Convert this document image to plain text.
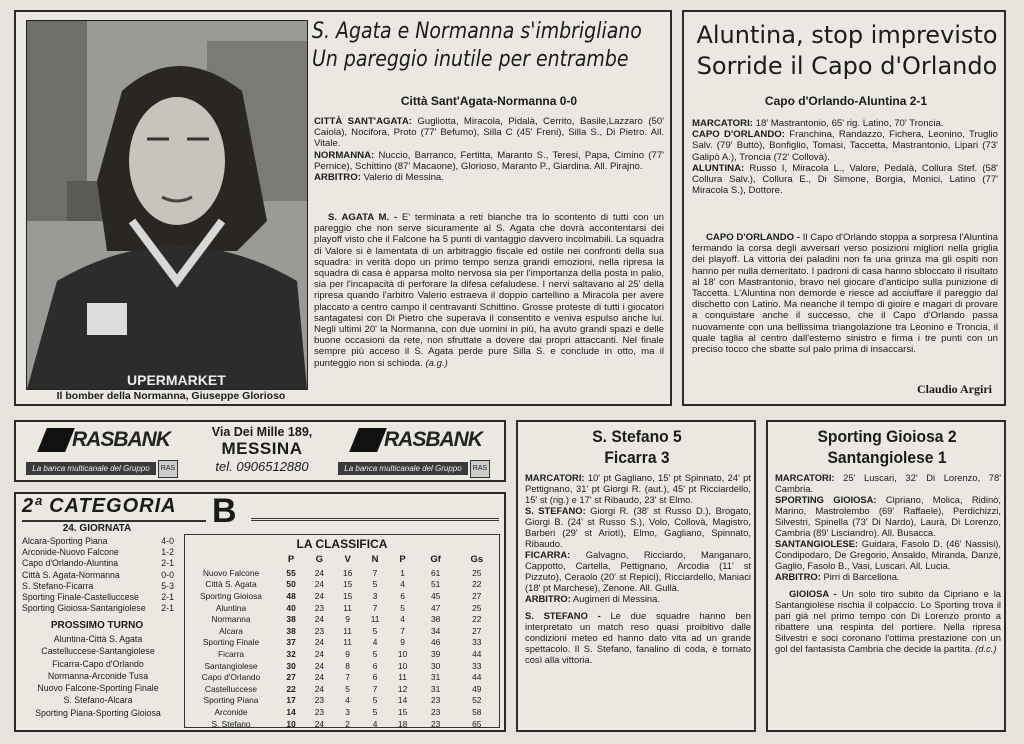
UPERMARKET
Il bomber della Normanna, Giuseppe Glorioso
S. Agata e Normanna s'imbrigliano
Un pareggio inutile per entrambe
Città Sant'Agata-Normanna 0-0

CITTÀ SANT'AGATA: Gugliotta, Miracola, Pidalà, Cerrito, Basile,Lazzaro (50' Caiola), Nocifora, Proto (77' Befumo), Silla C (45' Freni), Silla S., Di Pietro. All. Vitale.

NORMANNA: Nuccio, Barranco, Fertitta, Maranto S., Teresi, Papa, Cimino (77' Pernice), Schittino (87' Macaone), Glorioso, Maranto P., Giardina. All. Pirajno.

ARBITRO: Valerio di Messina.

S. AGATA M. - E' terminata a reti bianche tra lo scontento di tutti con un pareggio che non serve sicuramente al S. Agata che dovrà accontentarsi dei playoff visto che il Falcone ha 5 punti di vantaggio davvero incolmabili. La squadra di Valore si è lamentata di un arbitraggio fiscale ed ostile nei confronti della sua squadra: in verità dopo un primo tempo senza grandi emozioni, nella ripresa la squadra di casa è apparsa molto nervosa sia per l'importanza della posta in palio, sia per l'incapacità di perforare la difesa cefaludese. I nervi saltavano al 25' della ripresa quando l'arbitro Valerio estraeva il doppio cartellino a Miracola per avere placcato a centro campo il centravanti Schittino. Grosse proteste di tutti i giocatori santagatesi con Di Pietro che superava il consentito e veniva espulso anche lui. Negli ultimi 20' la Normanna, con due uomini in più, ha avuto grandi spazi e delle buone occasioni da rete, non sfruttate a dovere dai propri attaccanti. Nel finale sempre più acceso il S. Agata perde pure Silla S. e conclude in otto, ma il punteggio non si schioda. (a.g.)

Aluntina, stop imprevisto
Sorride il Capo d'Orlando
Capo d'Orlando-Aluntina 2-1

MARCATORI: 18' Mastrantonio, 65' rig. Latino, 70' Troncia.

CAPO D'ORLANDO: Franchina, Randazzo, Fichera, Leonino, Truglio Salv. (79' Buttò), Bonfiglio, Tomasi, Taccetta, Mastrantonio, Lipari (73' Galipò A.), Troncia (72' Collovà).

ALUNTINA: Russo I, Miracola L., Valore, Pedalà, Collura Stef. (58' Collura Salv.), Collura E., Di Simone, Borgia, Monici, Latino (77' Miracola S.), Dottore.

CAPO D'ORLANDO - Il Capo d'Orlando stoppa a sorpresa l'Aluntina fermando la corsa degli avversari verso posizioni migliori nella griglia dei playoff. La vittoria dei paladini non fa una grinza ma gli ospiti non hanno per nulla demeritato. I padroni di casa hanno sbloccato il risultato al 18' con Mastrantonio, bravo nel giocare d'anticipo sulla punizione di Taccetta. L'Aluntina non demorde e riesce ad acciuffare il pareggio dal dischetto con Latino. Ma neanche il tempo di gioire e magari di provare a conquistare anche il successo, che il Capo d'Orlando passa nuovamente con una bellissima triangolazione tra Leonino e Troncia, il quale taglia al centro dall'esterno sinistro e firma i tre punti con un preciso tocco che sbatte sul palo prima di insaccarsi.

Claudio Argiri
RASBANK
La banca multicanale del Gruppo	RAS
Via Dei Mille 189,
MESSINA
tel. 0906512880
RASBANK
La banca multicanale del Gruppo	RAS
2ª CATEGORIA B
24. GIORNATA
Alcara-Sporting Piana	4-0
Arconide-Nuovo Falcone	1-2
Capo d'Orlando-Aluntina	2-1
Città S. Agata-Normanna	0-0
S. Stefano-Ficarra	5-3
Sporting Finale-Castelluccese	2-1
Sporting Gioiosa-Santangiolese 2-1
PROSSIMO TURNO
Aluntina-Città S. Agata
Castelluccese-Santangiolese
Ficarra-Capo d'Orlando
Normanna-Arconide Tusa
Nuovo Falcone-Sporting Finale
S. Stefano-Alcara
Sporting Piana-Sporting Gioiosa
LA CLASSIFICA
	P	G	V	N	P	Gf	Gs
Nuovo Falcone	55	24	16	7	1	61	25
Città S. Agata	50	24	15	5	4	51	22
Sporting Gioiosa	48	24	15	3	6	45	27
Aluntina	40	23	11	7	5	47	25
Normanna	38	24	9	11	4	38	22
Alcara	38	23	11	5	7	34	27
Sporting Finale	37	24	11	4	9	46	33
Ficarra	32	24	9	5	10	39	44
Santangiolese	30	24	8	6	10	30	33
Capo d'Orlando	27	24	7	6	11	31	44
Castelluccese	22	24	5	7	12	31	49
Sporting Piana	17	23	4	5	14	23	52
Arconide	14	23	3	5	15	23	58
S. Stefano	10	24	2	4	18	23	65
S. Stefano 5
Ficarra 3

MARCATORI: 10' pt Gagliano, 15' pt Spinnato, 24' pt Pettignano, 31' pt Giorgi R. (aut.), 45' pt Ricciardello, 15' st (rig.) e 17' st Ribaudo, 23' st Elmo.

S. STEFANO: Giorgi R. (38' st Russo D.), Brogato, Giorgi B. (24' st Russo S.), Volo, Collovà, Magistro, Barberi (29' st Ariotì), Elmo, Gagliano, Spinnato, Ribaudo.

FICARRA: Galvagno, Ricciardo, Manganaro, Cappotto, Cartella, Pettignano, Arcodia (11' st Pizzuto), Ceraolo (20' st Repici), Ricciardello, Maniaci (18' pt Marchese), Zenone. All. Gullà.

ARBITRO: Augimeri di Messina.

S. STEFANO - Le due squadre hanno ben interpretato un match reso quasi proibitivo dalle condizioni meteo ed hanno dato vita ad un grande spettacolo. Il S. Stefano, fanalino di coda, è tornato così alla vittoria.

Sporting Gioiosa 2
Santangiolese 1

MARCATORI: 25' Luscari, 32' Di Lorenzo, 78' Cambria.

SPORTING GIOIOSA: Cipriano, Molica, Ridinò, Marino, Mastrolembo (69' Raffaele), Perdichizzi, Silvestri, Spinella (73' Di Nardo), Laurà, Di Lorenzo, Cambria (89' Lisciandro). All. Busacca.

SANTANGIOLESE: Guidara, Fasolo D. (46' Nassisi), Condipodaro, De Gregorio, Ansaldo, Miranda, Danzè, Gaglio, Fasolo B., Vasi, Luscari. All. Lucia.

ARBITRO: Pirri di Barcellona.

GIOIOSA - Un solo tiro subito da Cipriano e la Santangiolese rischia il colpaccio. Lo Sporting trova il pari già nel primo tempo con Di Lorenzo pronto a ribattere una respinta del portiere. Nella ripresa Silvestri e soci coronano l'ottima prestazione con un gol del fantasista Cambria che decide la partita. (d.c.)
